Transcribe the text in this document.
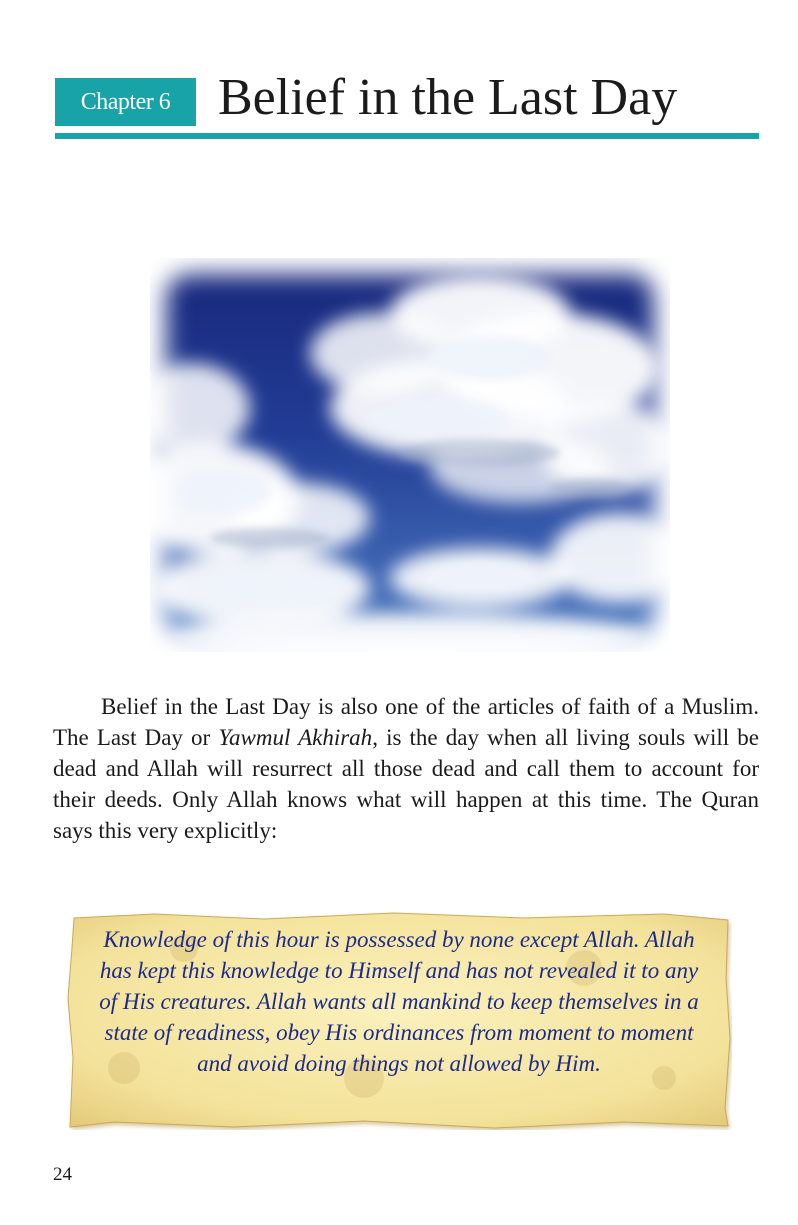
Chapter 6 Belief in the Last Day

Belief in the Last Day is also one of the articles of faith of a Muslim. The Last Day or Yawmul Akhirah, is the day when all living souls will be dead and Allah will resurrect all those dead and call them to account for their deeds. Only Allah knows what will happen at this time. The Quran says this very explicitly:

Knowledge of this hour is possessed by none except Allah. Allah has kept this knowledge to Himself and has not revealed it to any of His creatures. Allah wants all mankind to keep themselves in a state of readiness, obey His ordinances from moment to moment and avoid doing things not allowed by Him.

24
